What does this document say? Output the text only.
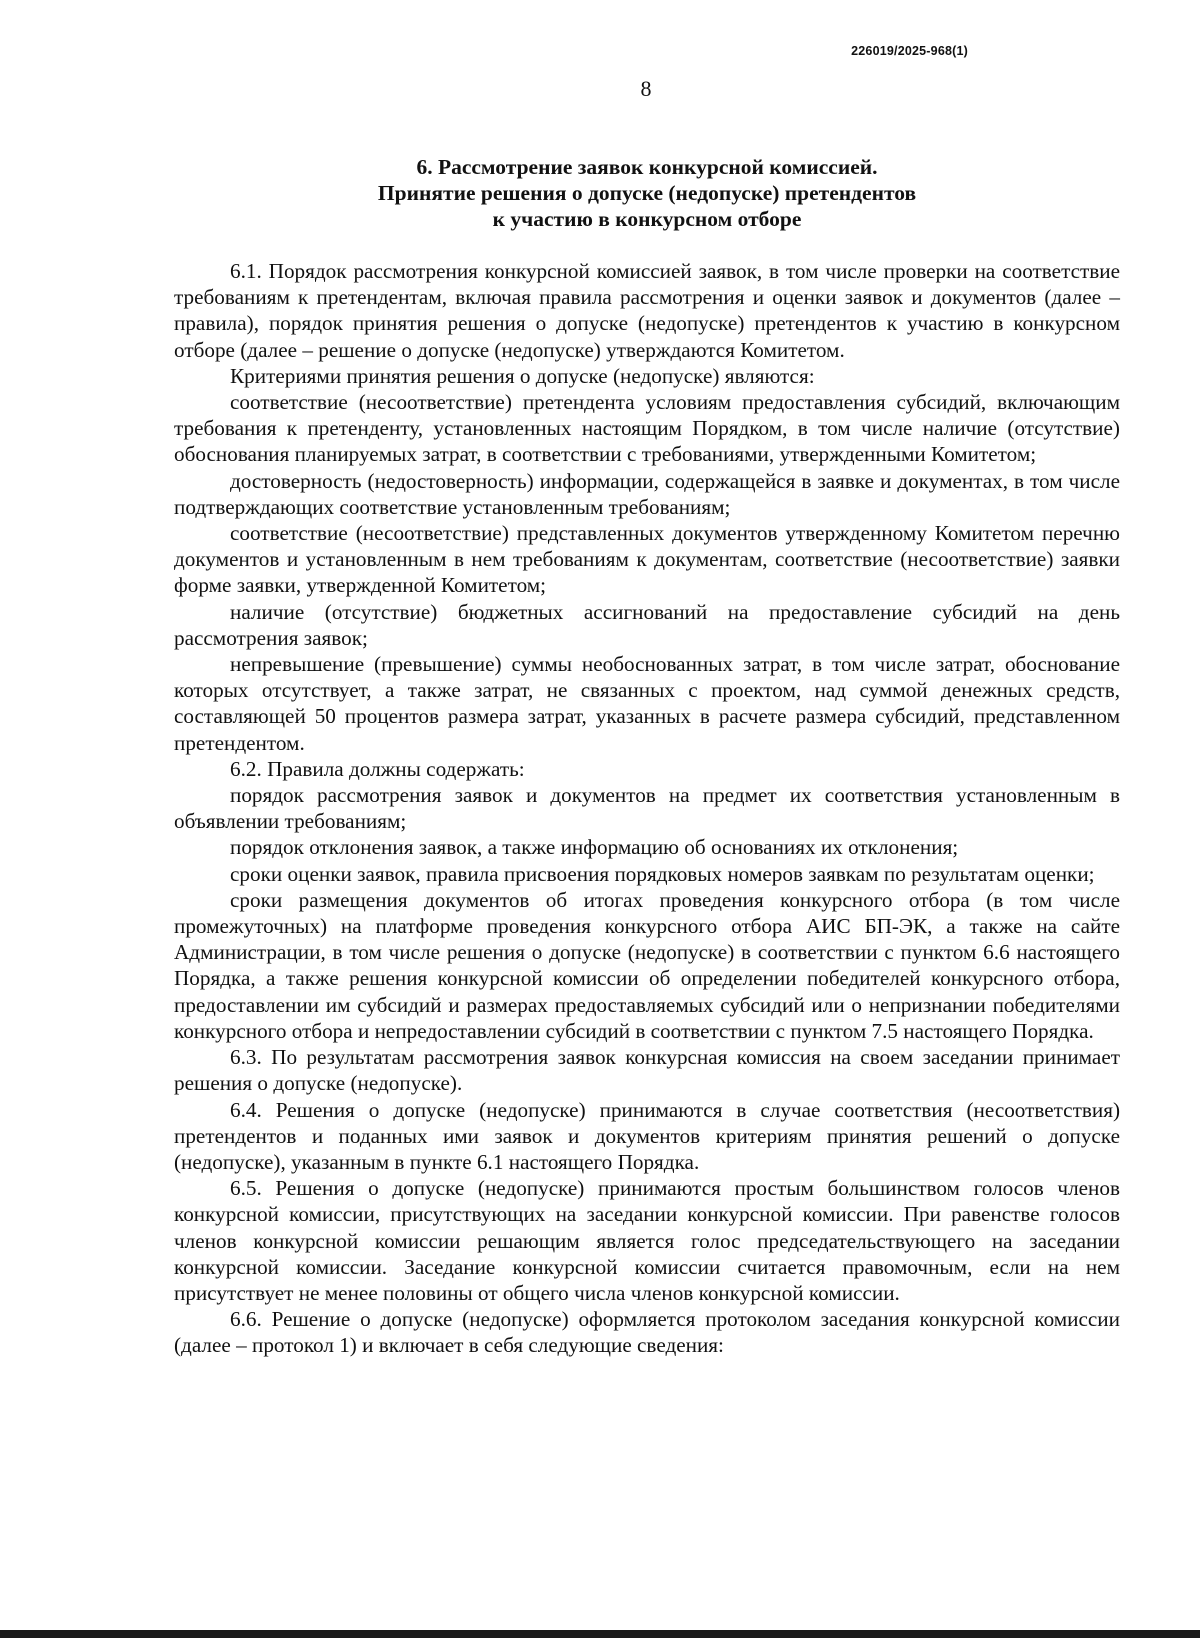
226019/2025-968(1)
8
6. Рассмотрение заявок конкурсной комиссией.
Принятие решения о допуске (недопуске) претендентов
к участию в конкурсном отборе

6.1. Порядок рассмотрения конкурсной комиссией заявок, в том числе проверки на соответствие требованиям к претендентам, включая правила рассмотрения и оценки заявок и документов (далее – правила), порядок принятия решения о допуске (недопуске) претендентов к участию в конкурсном отборе (далее – решение о допуске (недопуске) утверждаются Комитетом.

Критериями принятия решения о допуске (недопуске) являются:

соответствие (несоответствие) претендента условиям предоставления субсидий, включающим требования к претенденту, установленных настоящим Порядком, в том числе наличие (отсутствие) обоснования планируемых затрат, в соответствии с требованиями, утвержденными Комитетом;

достоверность (недостоверность) информации, содержащейся в заявке и документах, в том числе подтверждающих соответствие установленным требованиям;

соответствие (несоответствие) представленных документов утвержденному Комитетом перечню документов и установленным в нем требованиям к документам, соответствие (несоответствие) заявки форме заявки, утвержденной Комитетом;

наличие (отсутствие) бюджетных ассигнований на предоставление субсидий на день рассмотрения заявок;

непревышение (превышение) суммы необоснованных затрат, в том числе затрат, обоснование которых отсутствует, а также затрат, не связанных с проектом, над суммой денежных средств, составляющей 50 процентов размера затрат, указанных в расчете размера субсидий, представленном претендентом.

6.2. Правила должны содержать:

порядок рассмотрения заявок и документов на предмет их соответствия установленным в объявлении требованиям;

порядок отклонения заявок, а также информацию об основаниях их отклонения;

сроки оценки заявок, правила присвоения порядковых номеров заявкам по результатам оценки;

сроки размещения документов об итогах проведения конкурсного отбора (в том числе промежуточных) на платформе проведения конкурсного отбора АИС БП-ЭК, а также на сайте Администрации, в том числе решения о допуске (недопуске) в соответствии с пунктом 6.6 настоящего Порядка, а также решения конкурсной комиссии об определении победителей конкурсного отбора, предоставлении им субсидий и размерах предоставляемых субсидий или о непризнании победителями конкурсного отбора и непредоставлении субсидий в соответствии с пунктом 7.5 настоящего Порядка.

6.3. По результатам рассмотрения заявок конкурсная комиссия на своем заседании принимает решения о допуске (недопуске).

6.4. Решения о допуске (недопуске) принимаются в случае соответствия (несоответствия) претендентов и поданных ими заявок и документов критериям принятия решений о допуске (недопуске), указанным в пункте 6.1 настоящего Порядка.

6.5. Решения о допуске (недопуске) принимаются простым большинством голосов членов конкурсной комиссии, присутствующих на заседании конкурсной комиссии. При равенстве голосов членов конкурсной комиссии решающим является голос председательствующего на заседании конкурсной комиссии. Заседание конкурсной комиссии считается правомочным, если на нем присутствует не менее половины от общего числа членов конкурсной комиссии.

6.6. Решение о допуске (недопуске) оформляется протоколом заседания конкурсной комиссии (далее – протокол 1) и включает в себя следующие сведения:
